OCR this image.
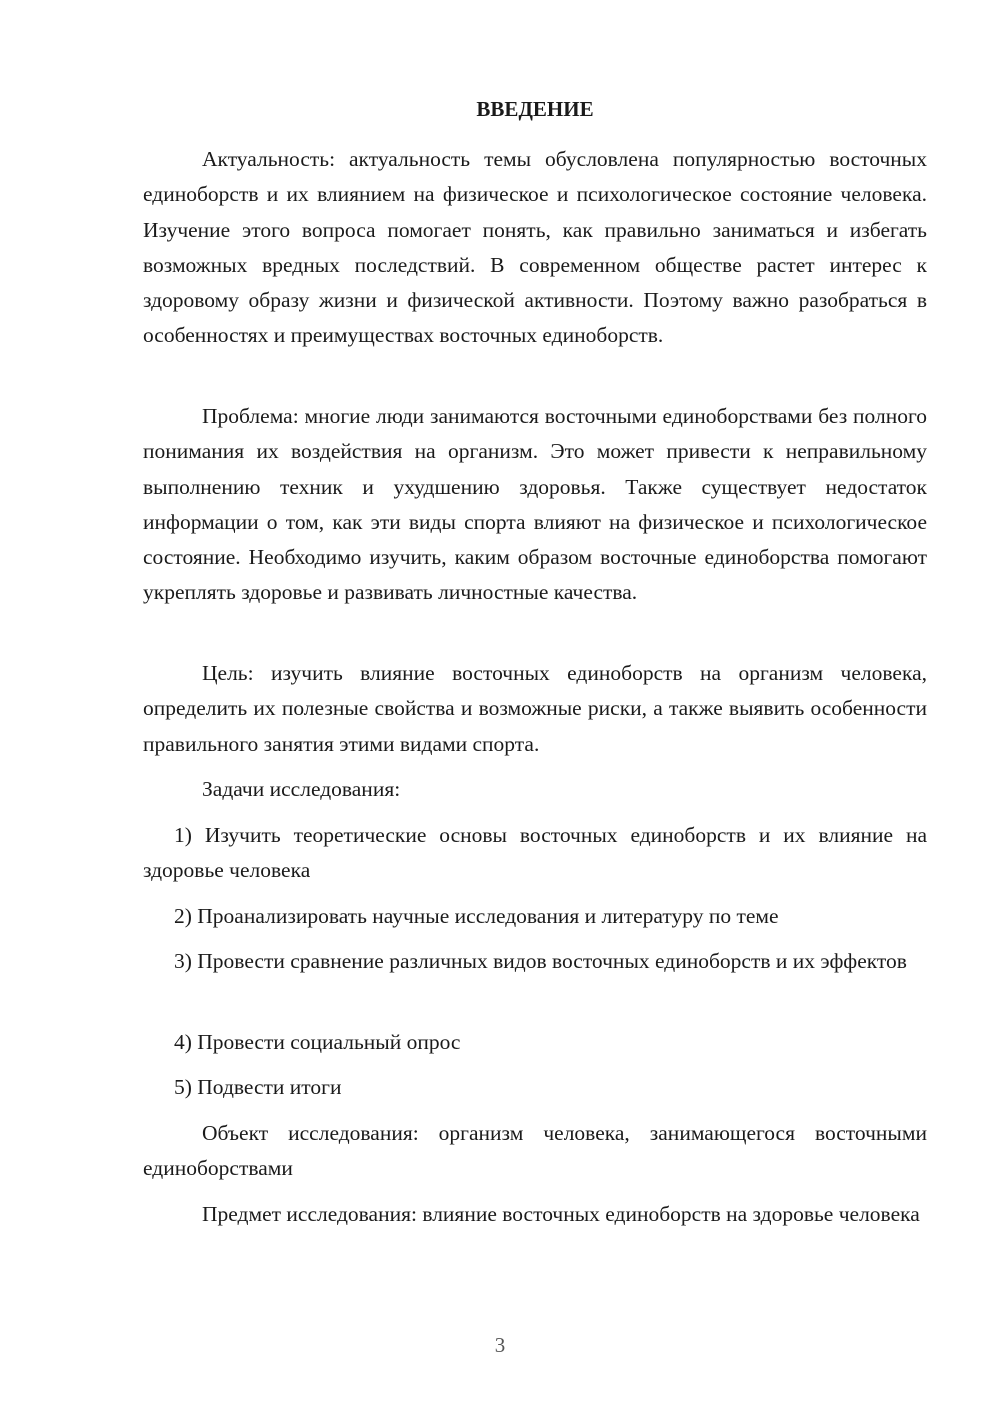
ВВЕДЕНИЕ

Актуальность: актуальность темы обусловлена популярностью восточных единоборств и их влиянием на физическое и психологическое состояние человека. Изучение этого вопроса помогает понять, как правильно заниматься и избегать возможных вредных последствий. В современном обществе растет интерес к здоровому образу жизни и физической активности. Поэтому важно разобраться в особенностях и преимуществах восточных единоборств.

Проблема: многие люди занимаются восточными единоборствами без полного понимания их воздействия на организм. Это может привести к неправильному выполнению техник и ухудшению здоровья. Также существует недостаток информации о том, как эти виды спорта влияют на физическое и психологическое состояние. Необходимо изучить, каким образом восточные единоборства помогают укреплять здоровье и развивать личностные качества.

Цель: изучить влияние восточных единоборств на организм человека, определить их полезные свойства и возможные риски, а также выявить особенности правильного занятия этими видами спорта.

Задачи исследования:

1) Изучить теоретические основы восточных единоборств и их влияние на здоровье человека

2) Проанализировать научные исследования и литературу по теме

3) Провести сравнение различных видов восточных единоборств и их эффектов

4) Провести социальный опрос

5) Подвести итоги

Объект исследования: организм человека, занимающегося восточными единоборствами

Предмет исследования: влияние восточных единоборств на здоровье человека

3
